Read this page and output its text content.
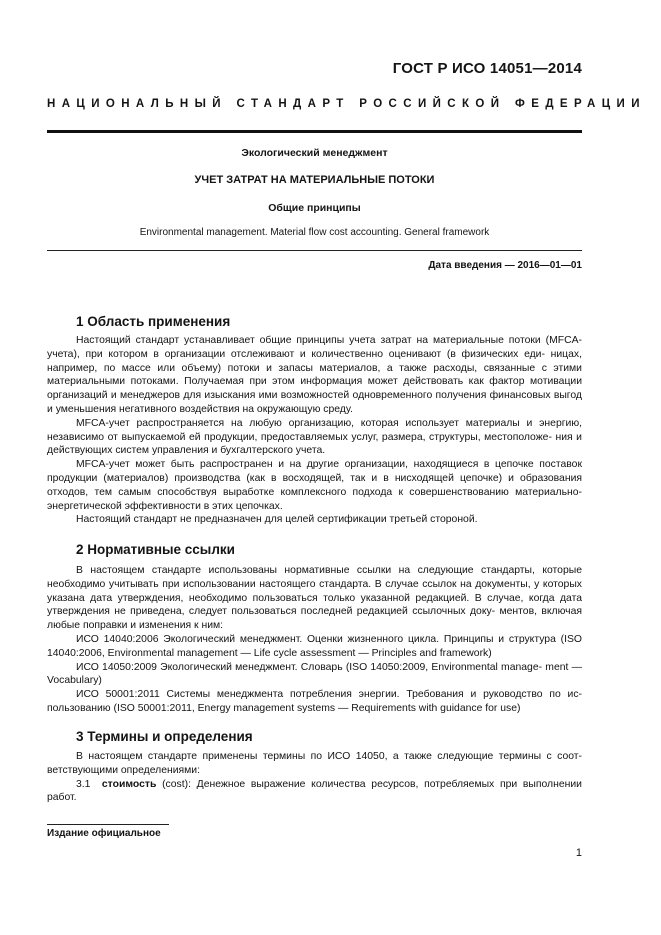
ГОСТ Р ИСО 14051—2014
НАЦИОНАЛЬНЫЙ СТАНДАРТ РОССИЙСКОЙ ФЕДЕРАЦИИ
Экологический менеджмент
УЧЕТ ЗАТРАТ НА МАТЕРИАЛЬНЫЕ ПОТОКИ
Общие принципы
Environmental management. Material flow cost accounting. General framework
Дата введения — 2016—01—01
1 Область применения

Настоящий стандарт устанавливает общие принципы учета затрат на материальные потоки (MFCA-учета), при котором в организации отслеживают и количественно оценивают (в физических еди- ницах, например, по массе или объему) потоки и запасы материалов, а также расходы, связанные с этими материальными потоками. Получаемая при этом информация может действовать как фактор мотивации организаций и менеджеров для изыскания ими возможностей одновременного получения финансовых выгод и уменьшения негативного воздействия на окружающую среду.

MFCA-учет распространяется на любую организацию, которая использует материалы и энергию, независимо от выпускаемой ей продукции, предоставляемых услуг, размера, структуры, местоположе- ния и действующих систем управления и бухгалтерского учета.

MFCA-учет может быть распространен и на другие организации, находящиеся в цепочке поставок продукции (материалов) производства (как в восходящей, так и в нисходящей цепочке) и образования отходов, тем самым способствуя выработке комплексного подхода к совершенствованию материально- энергетической эффективности в этих цепочках.

Настоящий стандарт не предназначен для целей сертификации третьей стороной.

2 Нормативные ссылки

В настоящем стандарте использованы нормативные ссылки на следующие стандарты, которые необходимо учитывать при использовании настоящего стандарта. В случае ссылок на документы, у которых указана дата утверждения, необходимо пользоваться только указанной редакцией. В случае, когда дата утверждения не приведена, следует пользоваться последней редакцией ссылочных доку- ментов, включая любые поправки и изменения к ним:

ИСО 14040:2006 Экологический менеджмент. Оценки жизненного цикла. Принципы и структура (ISO 14040:2006, Environmental management — Life cycle assessment — Principles and framework)

ИСО 14050:2009 Экологический менеджмент. Словарь (ISO 14050:2009, Environmental manage- ment — Vocabulary)

ИСО 50001:2011 Системы менеджмента потребления энергии. Требования и руководство по ис- пользованию (ISO 50001:2011, Energy management systems — Requirements with guidance for use)

3 Термины и определения

В настоящем стандарте применены термины по ИСО 14050, а также следующие термины с соот- ветствующими определениями:

3.1 стоимость (cost): Денежное выражение количества ресурсов, потребляемых при выполнении работ.

Издание официальное
1
